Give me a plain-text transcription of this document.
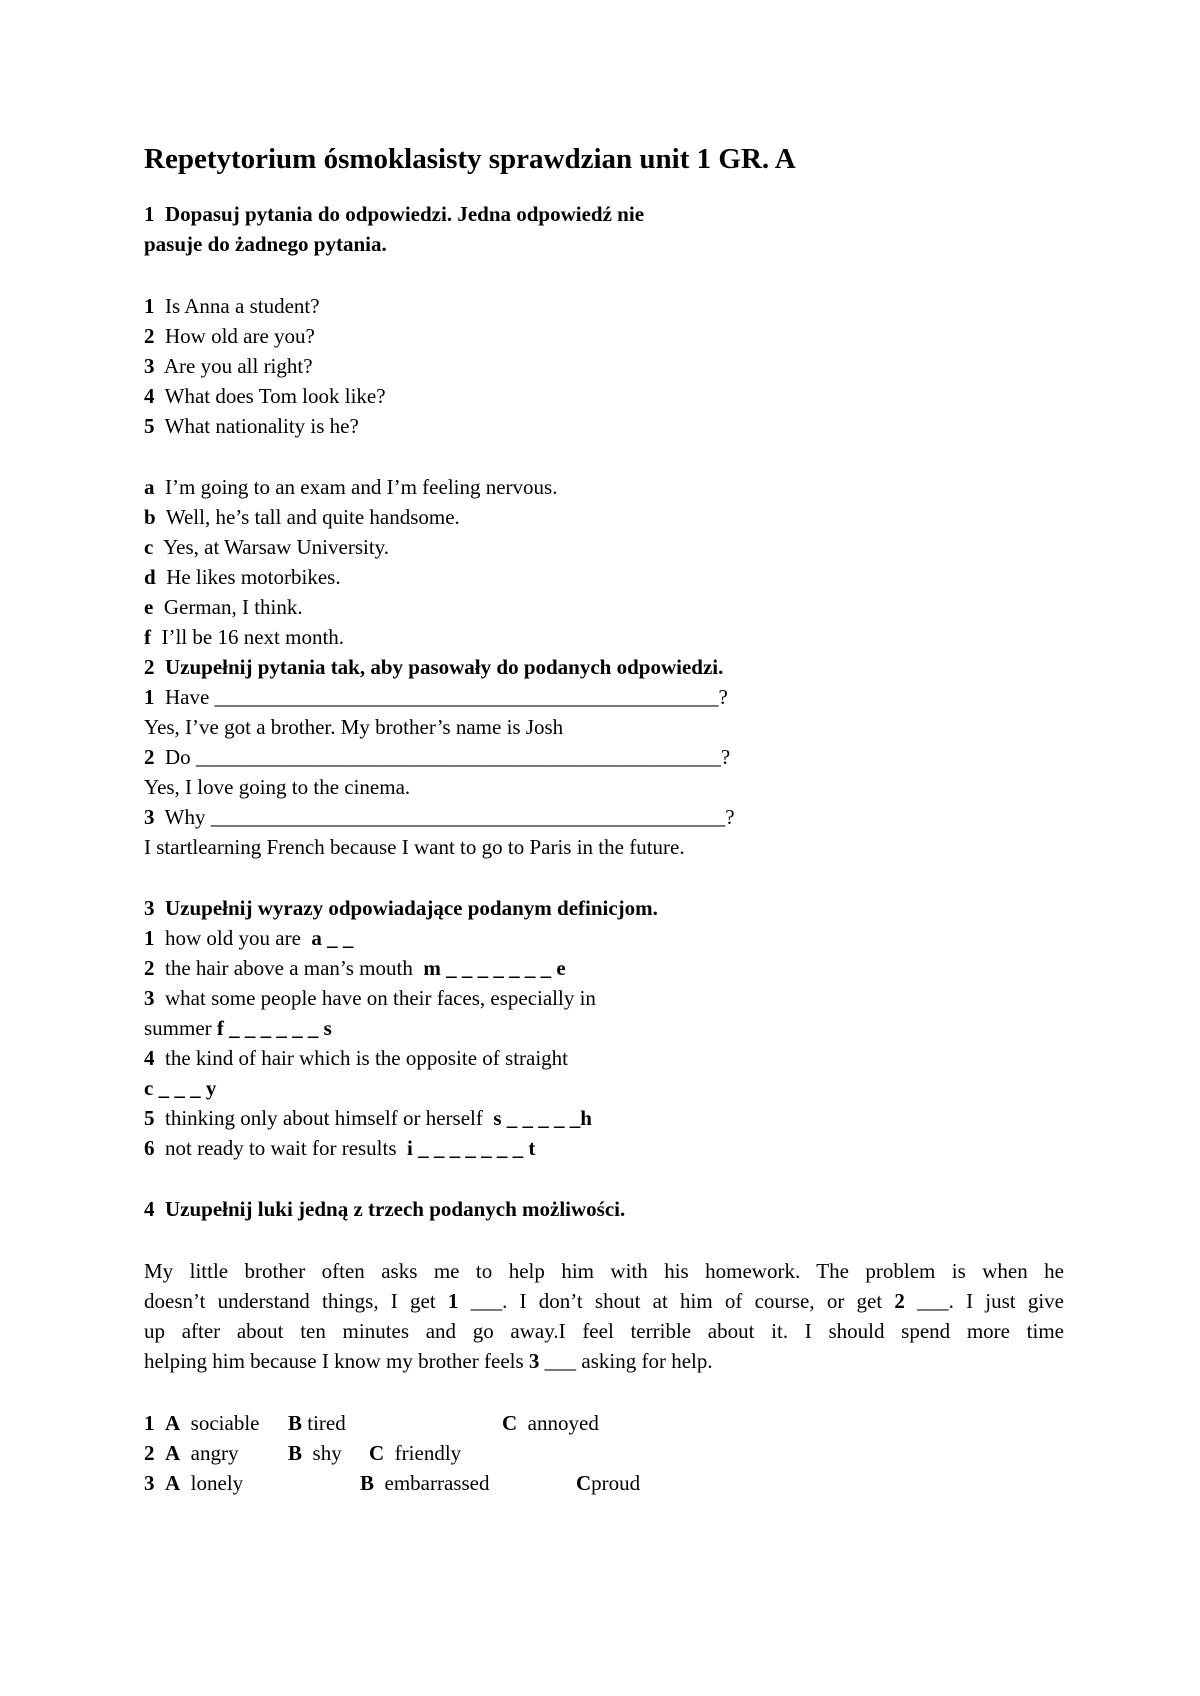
Repetytorium ósmoklasisty sprawdzian unit 1 GR. A
1 Dopasuj pytania do odpowiedzi. Jedna odpowiedź nie
pasuje do żadnego pytania.
1 Is Anna a student?
2 How old are you?
3 Are you all right?
4 What does Tom look like?
5 What nationality is he?
a I’m going to an exam and I’m feeling nervous.
b Well, he’s tall and quite handsome.
c Yes, at Warsaw University.
d He likes motorbikes.
e German, I think.
f I’ll be 16 next month.
2 Uzupełnij pytania tak, aby pasowały do podanych odpowiedzi.
1 Have ________________________________________________?
Yes, I’ve got a brother. My brother’s name is Josh
2 Do __________________________________________________?
Yes, I love going to the cinema.
3 Why _________________________________________________?
I startlearning French because I want to go to Paris in the future.
3 Uzupełnij wyrazy odpowiadające podanym definicjom.
1 how old you are a _ _
2 the hair above a man’s mouth m _ _ _ _ _ _ _ e
3 what some people have on their faces, especially in
summer f _ _ _ _ _ _ s
4 the kind of hair which is the opposite of straight
c _ _ _ y
5 thinking only about himself or herself s _ _ _ _ _h
6 not ready to wait for results i _ _ _ _ _ _ _ t
4 Uzupełnij luki jedną z trzech podanych możliwości.
My little brother often asks me to help him with his homework. The problem is when he
doesn’t understand things, I get 1 ___. I don’t shout at him of course, or get 2 ___. I just give
up after about ten minutes and go away.I feel terrible about it. I should spend more time
helping him because I know my brother feels 3 ___ asking for help.
1 A sociable B tired	C annoyed
2 A angry B shy C friendly
3 A lonely	B embarrassed	Cproud
